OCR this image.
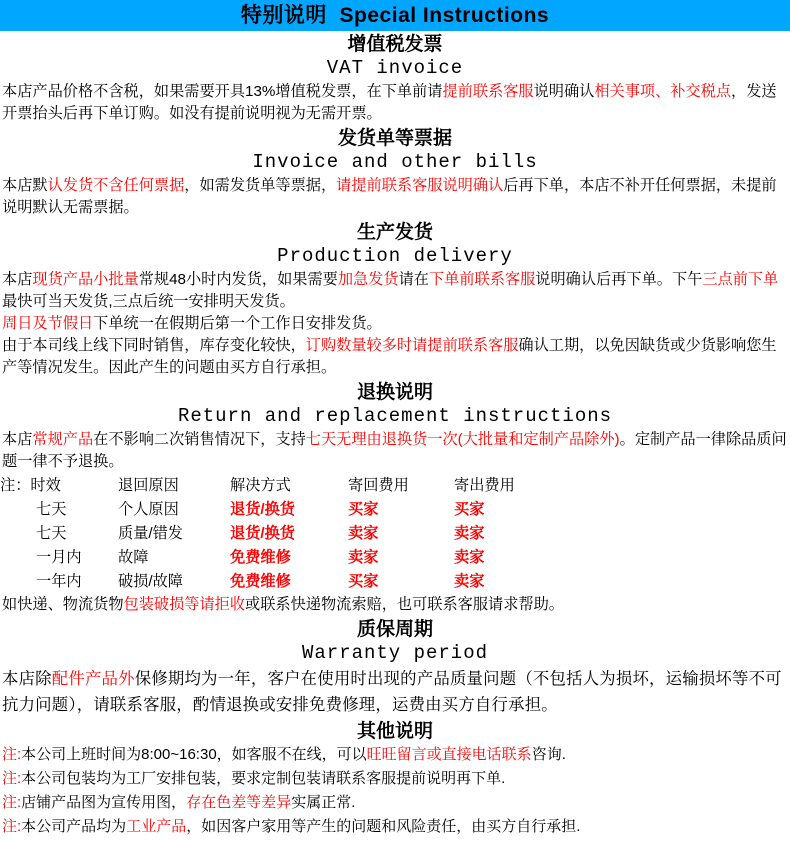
特别说明  Special Instructions
增值税发票
VAT invoice

本店产品价格不含税，如果需要开具13%增值税发票，在下单前请提前联系客服说明确认相关事项、补交税点，发送开票抬头后再下单订购。如没有提前说明视为无需开票。

发货单等票据
Invoice and other bills

本店默认发货不含任何票据，如需发货单等票据，请提前联系客服说明确认后再下单，本店不补开任何票据，未提前说明默认无需票据。

生产发货
Production delivery

本店现货产品小批量常规48小时内发货，如果需要加急发货请在下单前联系客服说明确认后再下单。下午三点前下单最快可当天发货,三点后统一安排明天发货。

周日及节假日下单统一在假期后第一个工作日安排发货。

由于本司线上线下同时销售，库存变化较快，订购数量较多时请提前联系客服确认工期，以免因缺货或少货影响您生产等情况发生。因此产生的问题由买方自行承担。

退换说明
Return and replacement instructions

本店常规产品在不影响二次销售情况下，支持七天无理由退换货一次(大批量和定制产品除外)。定制产品一律除品质问题一律不予退换。

注：时效	退回原因	解决方式	寄回费用	寄出费用
七天	个人原因	退货/换货	买家	买家
七天	质量/错发	退货/换货	卖家	卖家
一月内	故障	免费维修	卖家	卖家
一年内	破损/故障	免费维修	买家	卖家

如快递、物流货物包装破损等请拒收或联系快递物流索赔，也可联系客服请求帮助。

质保周期
Warranty period

本店除配件产品外保修期均为一年，客户在使用时出现的产品质量问题（不包括人为损坏，运输损坏等不可抗力问题），请联系客服，酌情退换或安排免费修理，运费由买方自行承担。

其他说明
注:本公司上班时间为8:00~16:30，如客服不在线，可以旺旺留言或直接电话联系咨询.
注:本公司包装均为工厂安排包装，要求定制包装请联系客服提前说明再下单.
注:店铺产品图为宣传用图，存在色差等差异实属正常.
注:本公司产品均为工业产品，如因客户家用等产生的问题和风险责任，由买方自行承担.
